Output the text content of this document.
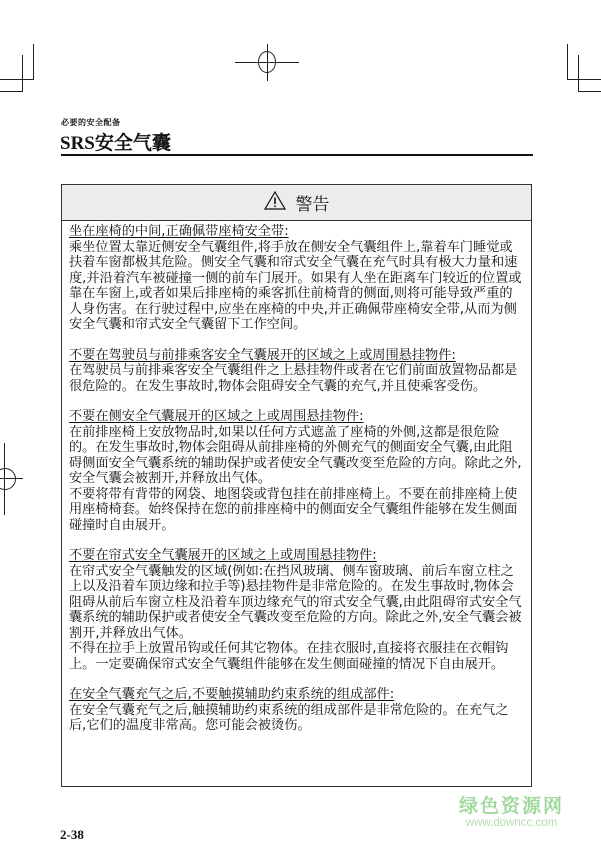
必要的安全配备
SRS安全气囊
警告
坐在座椅的中间,正确佩带座椅安全带:

乘坐位置太靠近侧安全气囊组件,将手放在侧安全气囊组件上,靠着车门睡觉或扶着车窗都极其危险。侧安全气囊和帘式安全气囊在充气时具有极大力量和速度,并沿着汽车被碰撞一侧的前车门展开。如果有人坐在距离车门较近的位置或靠在车窗上,或者如果后排座椅的乘客抓住前椅背的侧面,则将可能导致严重的人身伤害。在行驶过程中,应坐在座椅的中央,并正确佩带座椅安全带,从而为侧安全气囊和帘式安全气囊留下工作空间。

不要在驾驶员与前排乘客安全气囊展开的区域之上或周围悬挂物件:

在驾驶员与前排乘客安全气囊组件之上悬挂物件或者在它们前面放置物品都是很危险的。在发生事故时,物体会阻碍安全气囊的充气,并且使乘客受伤。

不要在侧安全气囊展开的区域之上或周围悬挂物件:

在前排座椅上安放物品时,如果以任何方式遮盖了座椅的外侧,这都是很危险的。在发生事故时,物体会阻碍从前排座椅的外侧充气的侧面安全气囊,由此阻碍侧面安全气囊系统的辅助保护或者使安全气囊改变至危险的方向。除此之外,安全气囊会被割开,并释放出气体。

不要将带有背带的网袋、地图袋或背包挂在前排座椅上。不要在前排座椅上使用座椅椅套。始终保持在您的前排座椅中的侧面安全气囊组件能够在发生侧面碰撞时自由展开。

不要在帘式安全气囊展开的区域之上或周围悬挂物件:

在帘式安全气囊触发的区域(例如:在挡风玻璃、侧车窗玻璃、前后车窗立柱之上以及沿着车顶边缘和拉手等)悬挂物件是非常危险的。在发生事故时,物体会阻碍从前后车窗立柱及沿着车顶边缘充气的帘式安全气囊,由此阻碍帘式安全气囊系统的辅助保护或者使安全气囊改变至危险的方向。除此之外,安全气囊会被割开,并释放出气体。

不得在拉手上放置吊钩或任何其它物体。在挂衣服时,直接将衣服挂在衣帽钩上。一定要确保帘式安全气囊组件能够在发生侧面碰撞的情况下自由展开。

在安全气囊充气之后,不要触摸辅助约束系统的组成部件:

在安全气囊充气之后,触摸辅助约束系统的组成部件是非常危险的。在充气之后,它们的温度非常高。您可能会被烫伤。

绿色资源网
www.downcc.com
2-38
